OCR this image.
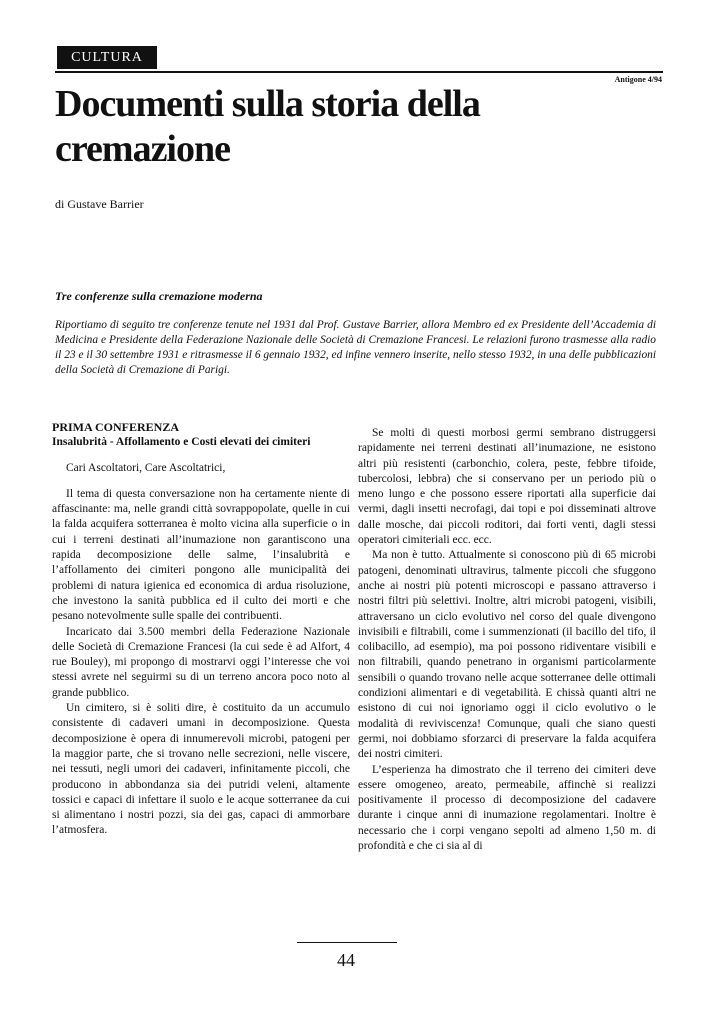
CULTURA
Antigone 4/94
Documenti sulla storia della cremazione
di Gustave Barrier
Tre conferenze sulla cremazione moderna

Riportiamo di seguito tre conferenze tenute nel 1931 dal Prof. Gustave Barrier, allora Membro ed ex Presidente dell’Accademia di Medicina e Presidente della Federazione Nazionale delle Società di Cremazione Francesi. Le relazioni furono trasmesse alla radio il 23 e il 30 settembre 1931 e ritrasmesse il 6 gennaio 1932, ed infine vennero inserite, nello stesso 1932, in una delle pubblicazioni della Società di Cremazione di Parigi.

PRIMA CONFERENZA
Insalubrità - Affollamento e Costi elevati dei cimiteri

Cari Ascoltatori, Care Ascoltatrici,

Il tema di questa conversazione non ha certamente niente di affascinante: ma, nelle grandi città sovrappopolate, quelle in cui la falda acquifera sotterranea è molto vicina alla superficie o in cui i terreni destinati all’inumazione non garantiscono una rapida decomposizione delle salme, l’insalubrità e l’affollamento dei cimiteri pongono alle municipalità dei problemi di natura igienica ed economica di ardua risoluzione, che investono la sanità pubblica ed il culto dei morti e che pesano notevolmente sulle spalle dei contribuenti.

Incaricato dai 3.500 membri della Federazione Nazionale delle Società di Cremazione Francesi (la cui sede è ad Alfort, 4 rue Bouley), mi propongo di mostrarvi oggi l’interesse che voi stessi avrete nel seguirmi su di un terreno ancora poco noto al grande pubblico.

Un cimitero, si è soliti dire, è costituito da un accumulo consistente di cadaveri umani in decomposizione. Questa decomposizione è opera di innumerevoli microbi, patogeni per la maggior parte, che si trovano nelle secrezioni, nelle viscere, nei tessuti, negli umori dei cadaveri, infinitamente piccoli, che producono in abbondanza sia dei putridi veleni, altamente tossici e capaci di infettare il suolo e le acque sotterranee da cui si alimentano i nostri pozzi, sia dei gas, capaci di ammorbare l’atmosfera.

Se molti di questi morbosi germi sembrano distruggersi rapidamente nei terreni destinati all’inumazione, ne esistono altri più resistenti (carbonchio, colera, peste, febbre tifoide, tubercolosi, lebbra) che si conservano per un periodo più o meno lungo e che possono essere riportati alla superficie dai vermi, dagli insetti necrofagi, dai topi e poi disseminati altrove dalle mosche, dai piccoli roditori, dai forti venti, dagli stessi operatori cimiteriali ecc. ecc.

Ma non è tutto. Attualmente si conoscono più di 65 microbi patogeni, denominati ultravirus, talmente piccoli che sfuggono anche ai nostri più potenti microscopi e passano attraverso i nostri filtri più selettivi. Inoltre, altri microbi patogeni, visibili, attraversano un ciclo evolutivo nel corso del quale divengono invisibili e filtrabili, come i summenzionati (il bacillo del tifo, il colibacillo, ad esempio), ma poi possono ridiventare visibili e non filtrabili, quando penetrano in organismi particolarmente sensibili o quando trovano nelle acque sotterranee delle ottimali condizioni alimentari e di vegetabilità. E chissà quanti altri ne esistono di cui noi ignoriamo oggi il ciclo evolutivo o le modalità di reviviscenza! Comunque, quali che siano questi germi, noi dobbiamo sforzarci di preservare la falda acquifera dei nostri cimiteri.

L’esperienza ha dimostrato che il terreno dei cimiteri deve essere omogeneo, areato, permeabile, affinchè si realizzi positivamente il processo di decomposizione del cadavere durante i cinque anni di inumazione regolamentari. Inoltre è necessario che i corpi vengano sepolti ad almeno 1,50 m. di profondità e che ci sia al di

44
